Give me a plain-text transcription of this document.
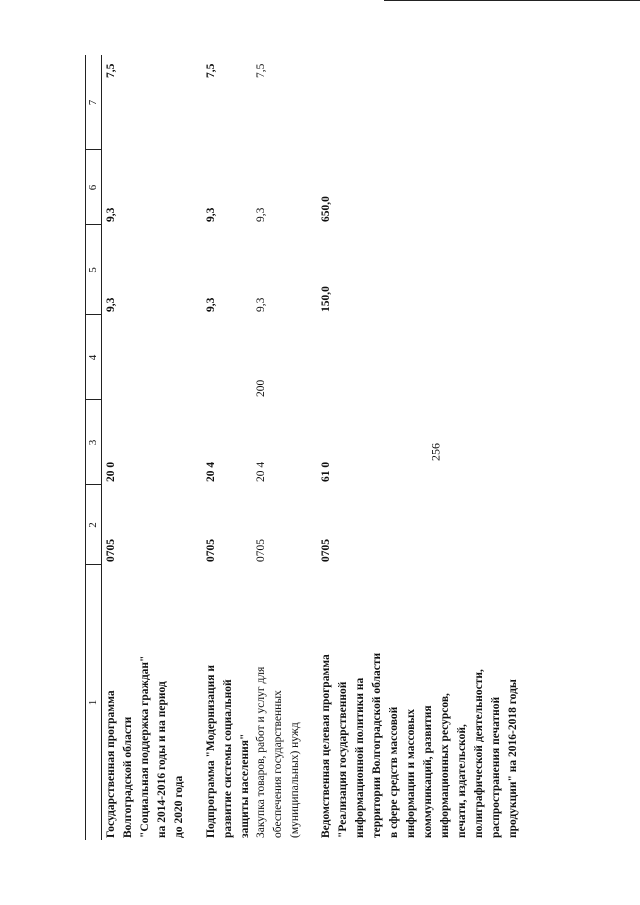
256
1
2
3
4
5
6
7
Государственная программа
Волгоградской области
"Социальная поддержка граждан"
на 2014-2016 годы и на период
до 2020 года
0705
20 0
9,3
9,3
7,5
Подпрограмма "Модернизация и
развитие системы социальной
защиты населения"
0705
20 4
9,3
9,3
7,5
Закупка товаров, работ и услуг для
обеспечения государственных
(муниципальных) нужд
0705
20 4
200
9,3
9,3
7,5
Ведомственная целевая программа
"Реализация государственной
информационной политики на
территории Волгоградской области
в сфере средств массовой
информации и массовых
коммуникаций, развития
информационных ресурсов,
печати, издательской,
полиграфической деятельности,
распространения печатной
продукции" на 2016-2018 годы
0705
61 0
150,0
650,0
